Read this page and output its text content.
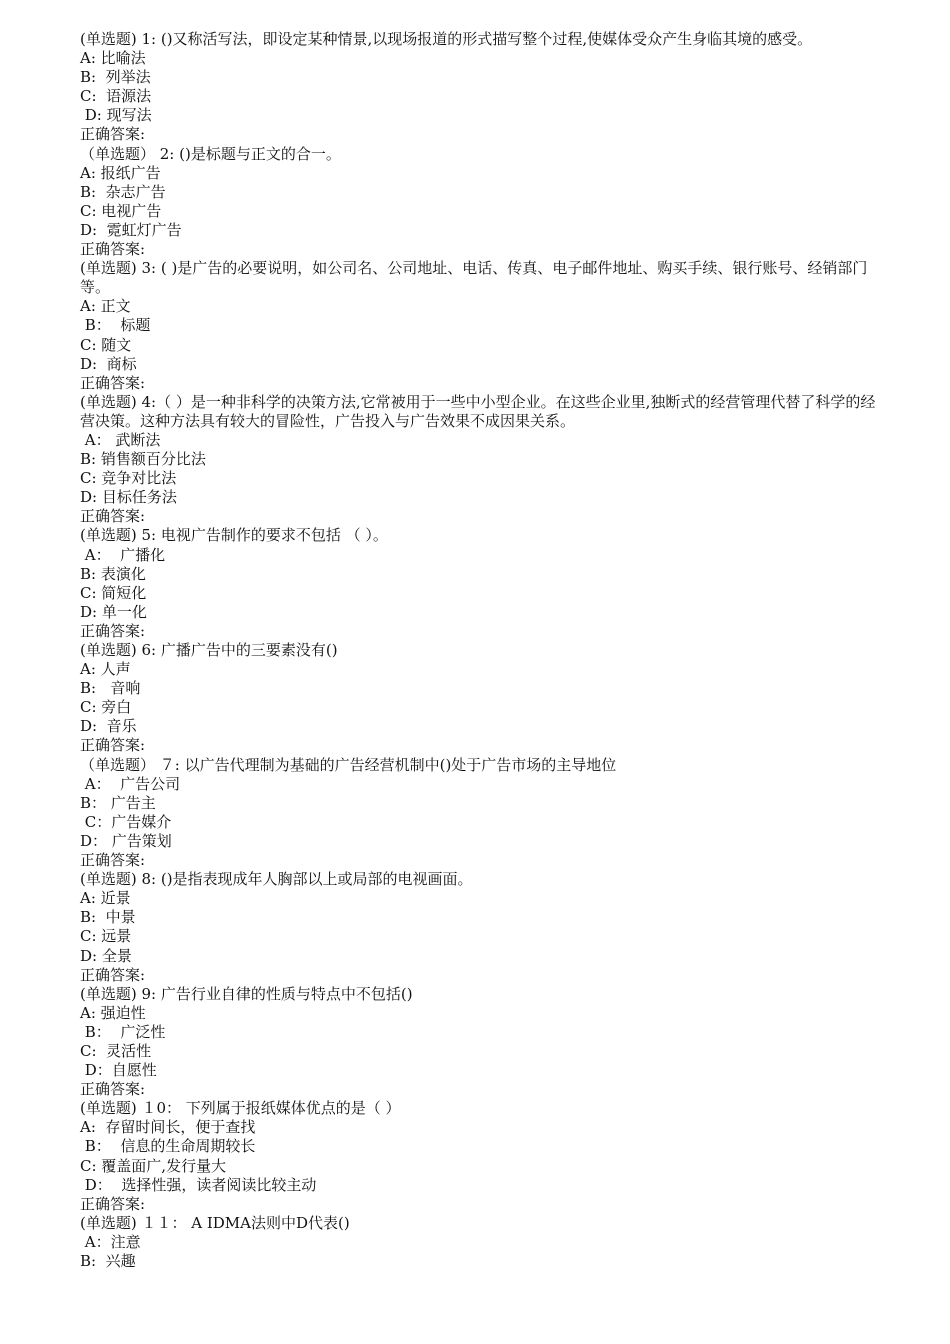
(单选题) 1: ()又称活写法，即设定某种情景,以现场报道的形式描写整个过程,使媒体受众产生身临其境的感受。
A: 比喻法
B:  列举法
C:  语源法
D: 现写法
正确答案:
（单选题） 2: ()是标题与正文的合一。
A: 报纸广告
B:  杂志广告
C: 电视广告
D:  霓虹灯广告
正确答案:
(单选题) 3: ( )是广告的必要说明，如公司名、公司地址、电话、传真、电子邮件地址、购买手续、银行账号、经销部门等。
A: 正文
B：  标题
C: 随文
D:  商标
正确答案:
(单选题) 4:（ ）是一种非科学的决策方法,它常被用于一些中小型企业。在这些企业里,独断式的经营管理代替了科学的经营决策。这种方法具有较大的冒险性，广告投入与广告效果不成因果关系。
A： 武断法
B: 销售额百分比法
C: 竞争对比法
D: 目标任务法
正确答案:
(单选题) 5: 电视广告制作的要求不包括 （ ）。
A：  广播化
B: 表演化
C: 简短化
D: 单一化
正确答案:
(单选题) 6: 广播广告中的三要素没有()
A: 人声
B:   音响
C: 旁白
D:  音乐
正确答案:
（单选题） ７: 以广告代理制为基础的广告经营机制中()处于广告市场的主导地位
A：  广告公司
B： 广告主
C：广告媒介
D： 广告策划
正确答案:
(单选题) 8: ()是指表现成年人胸部以上或局部的电视画面。
A: 近景
B:  中景
C: 远景
D: 全景
正确答案:
(单选题) 9: 广告行业自律的性质与特点中不包括()
A: 强迫性
B：  广泛性
C:  灵活性
D：自愿性
正确答案:
(单选题) １0： 下列属于报纸媒体优点的是（ ）
A:  存留时间长，便于查找
B：  信息的生命周期较长
C: 覆盖面广,发行量大
D：  选择性强，读者阅读比较主动
正确答案:
(单选题) １１： A IDMA法则中D代表()
A：注意
B:  兴趣
